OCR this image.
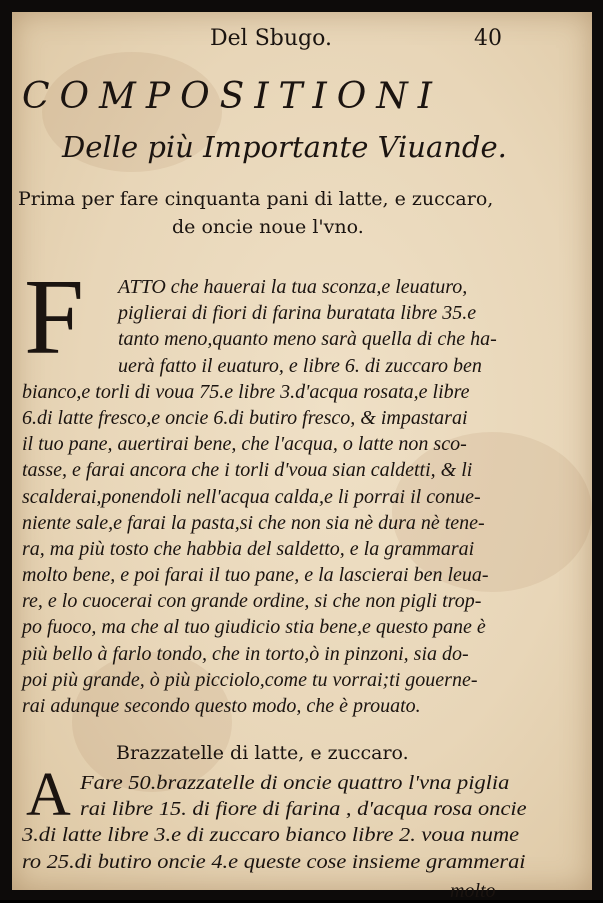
Del Sbugo.	40
COMPOSITIONI
Delle più Importante Viuande.
Prima per fare cinquanta pani di latte, e zuccaro,
de oncie noue l'vno.
F	ATTO che hauerai la tua sconza,e leuaturo,
piglierai di fiori di farina buratata libre 35.e
tanto meno,quanto meno sarà quella di che ha-
uerà fatto il euaturo, e libre 6. di zuccaro ben
bianco,e torli di voua 75.e libre 3.d'acqua rosata,e libre
6.di latte fresco,e oncie 6.di butiro fresco, & impastarai
il tuo pane, auertirai bene, che l'acqua, o latte non sco-
tasse, e farai ancora che i torli d'voua sian caldetti, & li
scalderai,ponendoli nell'acqua calda,e li porrai il conue-
niente sale,e farai la pasta,si che non sia nè dura nè tene-
ra, ma più tosto che habbia del saldetto, e la grammarai
molto bene, e poi farai il tuo pane, e la lascierai ben leua-
re, e lo cuocerai con grande ordine, si che non pigli trop-
po fuoco, ma che al tuo giudicio stia bene,e questo pane è
più bello à farlo tondo, che in torto,ò in pinzoni, sia do-
poi più grande, ò più picciolo,come tu vorrai;ti gouerne-
rai adunque secondo questo modo, che è prouato.
Brazzatelle di latte, e zuccaro.
A Fare 50.brazzatelle di oncie quattro l'vna piglia
rai libre 15. di fiore di farina , d'acqua rosa oncie
3.di latte libre 3.e di zuccaro bianco libre 2. voua nume
ro 25.di butiro oncie 4.e queste cose insieme grammerai
molto
